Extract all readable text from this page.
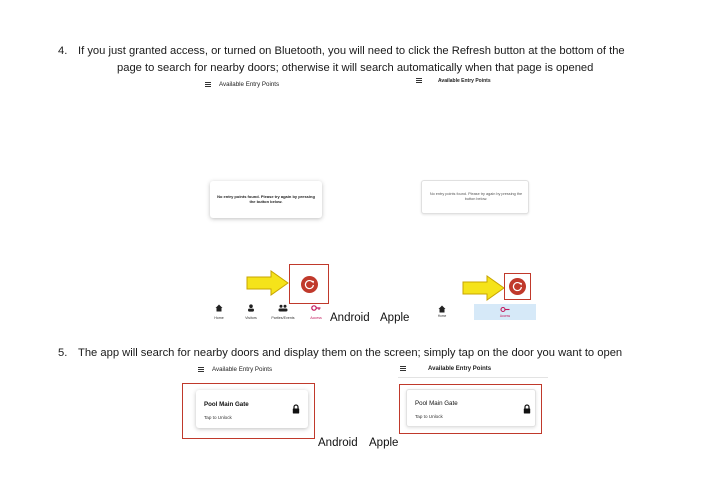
4. If you just granted access, or turned on Bluetooth, you will need to click the Refresh button at the bottom of the
page to search for nearby doors; otherwise it will search automatically when that page is opened
Available Entry Points
No entry points found. Please try again by pressing the button below.
Home	Visitors	Parties/Events	Access Android Apple
Available Entry Points
No entry points found. Please try again by pressing the button below.
Home	Access
5. The app will search for nearby doors and display them on the screen; simply tap on the door you want to open
Available Entry Points
Pool Main Gate
Tap to Unlock
Android Apple
Available Entry Points
Pool Main Gate
Tap to Unlock
